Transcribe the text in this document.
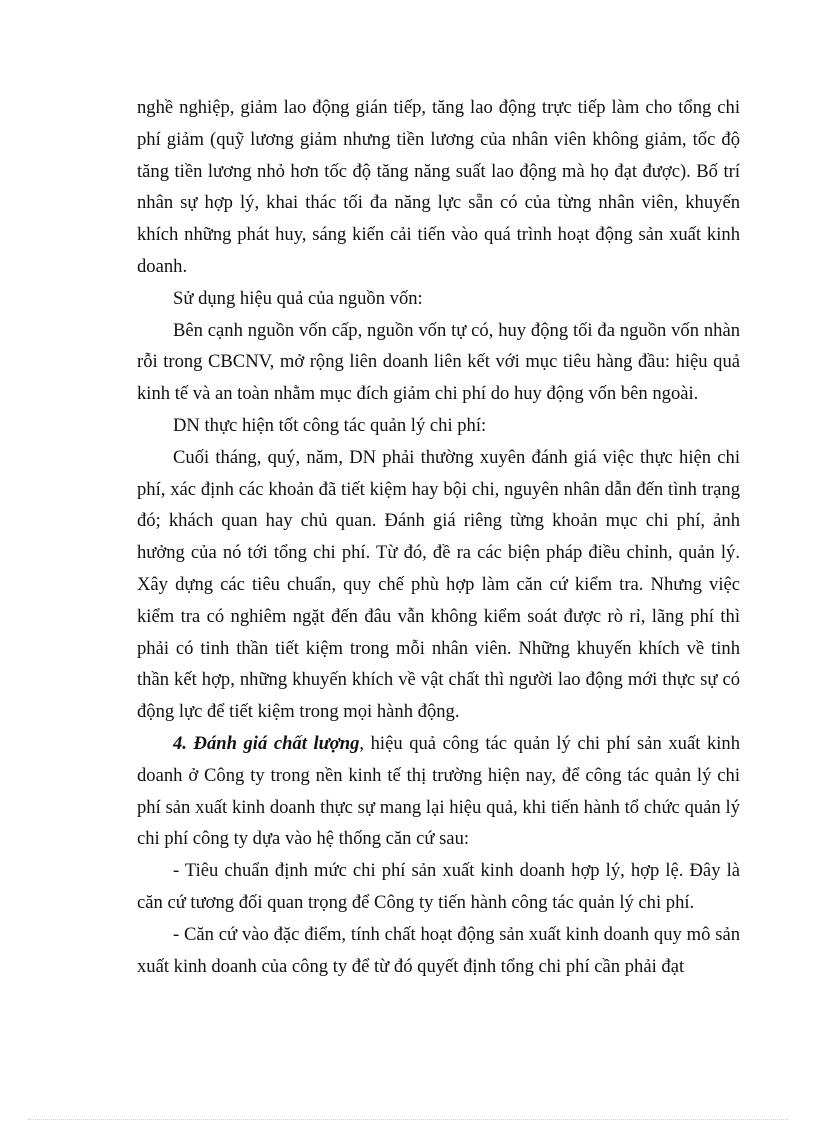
nghề nghiệp, giảm lao động gián tiếp, tăng lao động trực tiếp làm cho tổng chi phí giảm (quỹ lương giảm nhưng tiền lương của nhân viên không giảm, tốc độ tăng tiền lương nhỏ hơn tốc độ tăng năng suất lao động mà họ đạt được). Bố trí nhân sự hợp lý, khai thác tối đa năng lực sẵn có của từng nhân viên, khuyến khích những phát huy, sáng kiến cải tiến vào quá trình hoạt động sản xuất kinh doanh.

Sử dụng hiệu quả của nguồn vốn:

Bên cạnh nguồn vốn cấp, nguồn vốn tự có, huy động tối đa nguồn vốn nhàn rỗi trong CBCNV, mở rộng liên doanh liên kết với mục tiêu hàng đầu: hiệu quả kinh tế và an toàn nhằm mục đích giảm chi phí do huy động vốn bên ngoài.

DN thực hiện tốt công tác quản lý chi phí:

Cuối tháng, quý, năm, DN phải thường xuyên đánh giá việc thực hiện chi phí, xác định các khoản đã tiết kiệm hay bội chi, nguyên nhân dẫn đến tình trạng đó; khách quan hay chủ quan. Đánh giá riêng từng khoản mục chi phí, ảnh hưởng của nó tới tổng chi phí. Từ đó, đề ra các biện pháp điều chỉnh, quản lý. Xây dựng các tiêu chuẩn, quy chế phù hợp làm căn cứ kiểm tra. Nhưng việc kiểm tra có nghiêm ngặt đến đâu vẫn không kiểm soát được rò rỉ, lãng phí thì phải có tinh thần tiết kiệm trong mỗi nhân viên. Những khuyến khích về tinh thần kết hợp, những khuyến khích về vật chất thì người lao động mới thực sự có động lực để tiết kiệm trong mọi hành động.

4. Đánh giá chất lượng, hiệu quả công tác quản lý chi phí sản xuất kinh doanh ở Công ty trong nền kinh tế thị trường hiện nay, để công tác quản lý chi phí sản xuất kinh doanh thực sự mang lại hiệu quả, khi tiến hành tổ chức quản lý chi phí công ty dựa vào hệ thống căn cứ sau:

- Tiêu chuẩn định mức chi phí sản xuất kinh doanh hợp lý, hợp lệ. Đây là căn cứ tương đối quan trọng để Công ty tiến hành công tác quản lý chi phí.

- Căn cứ vào đặc điểm, tính chất hoạt động sản xuất kinh doanh quy mô sản xuất kinh doanh của công ty để từ đó quyết định tổng chi phí cần phải đạt
